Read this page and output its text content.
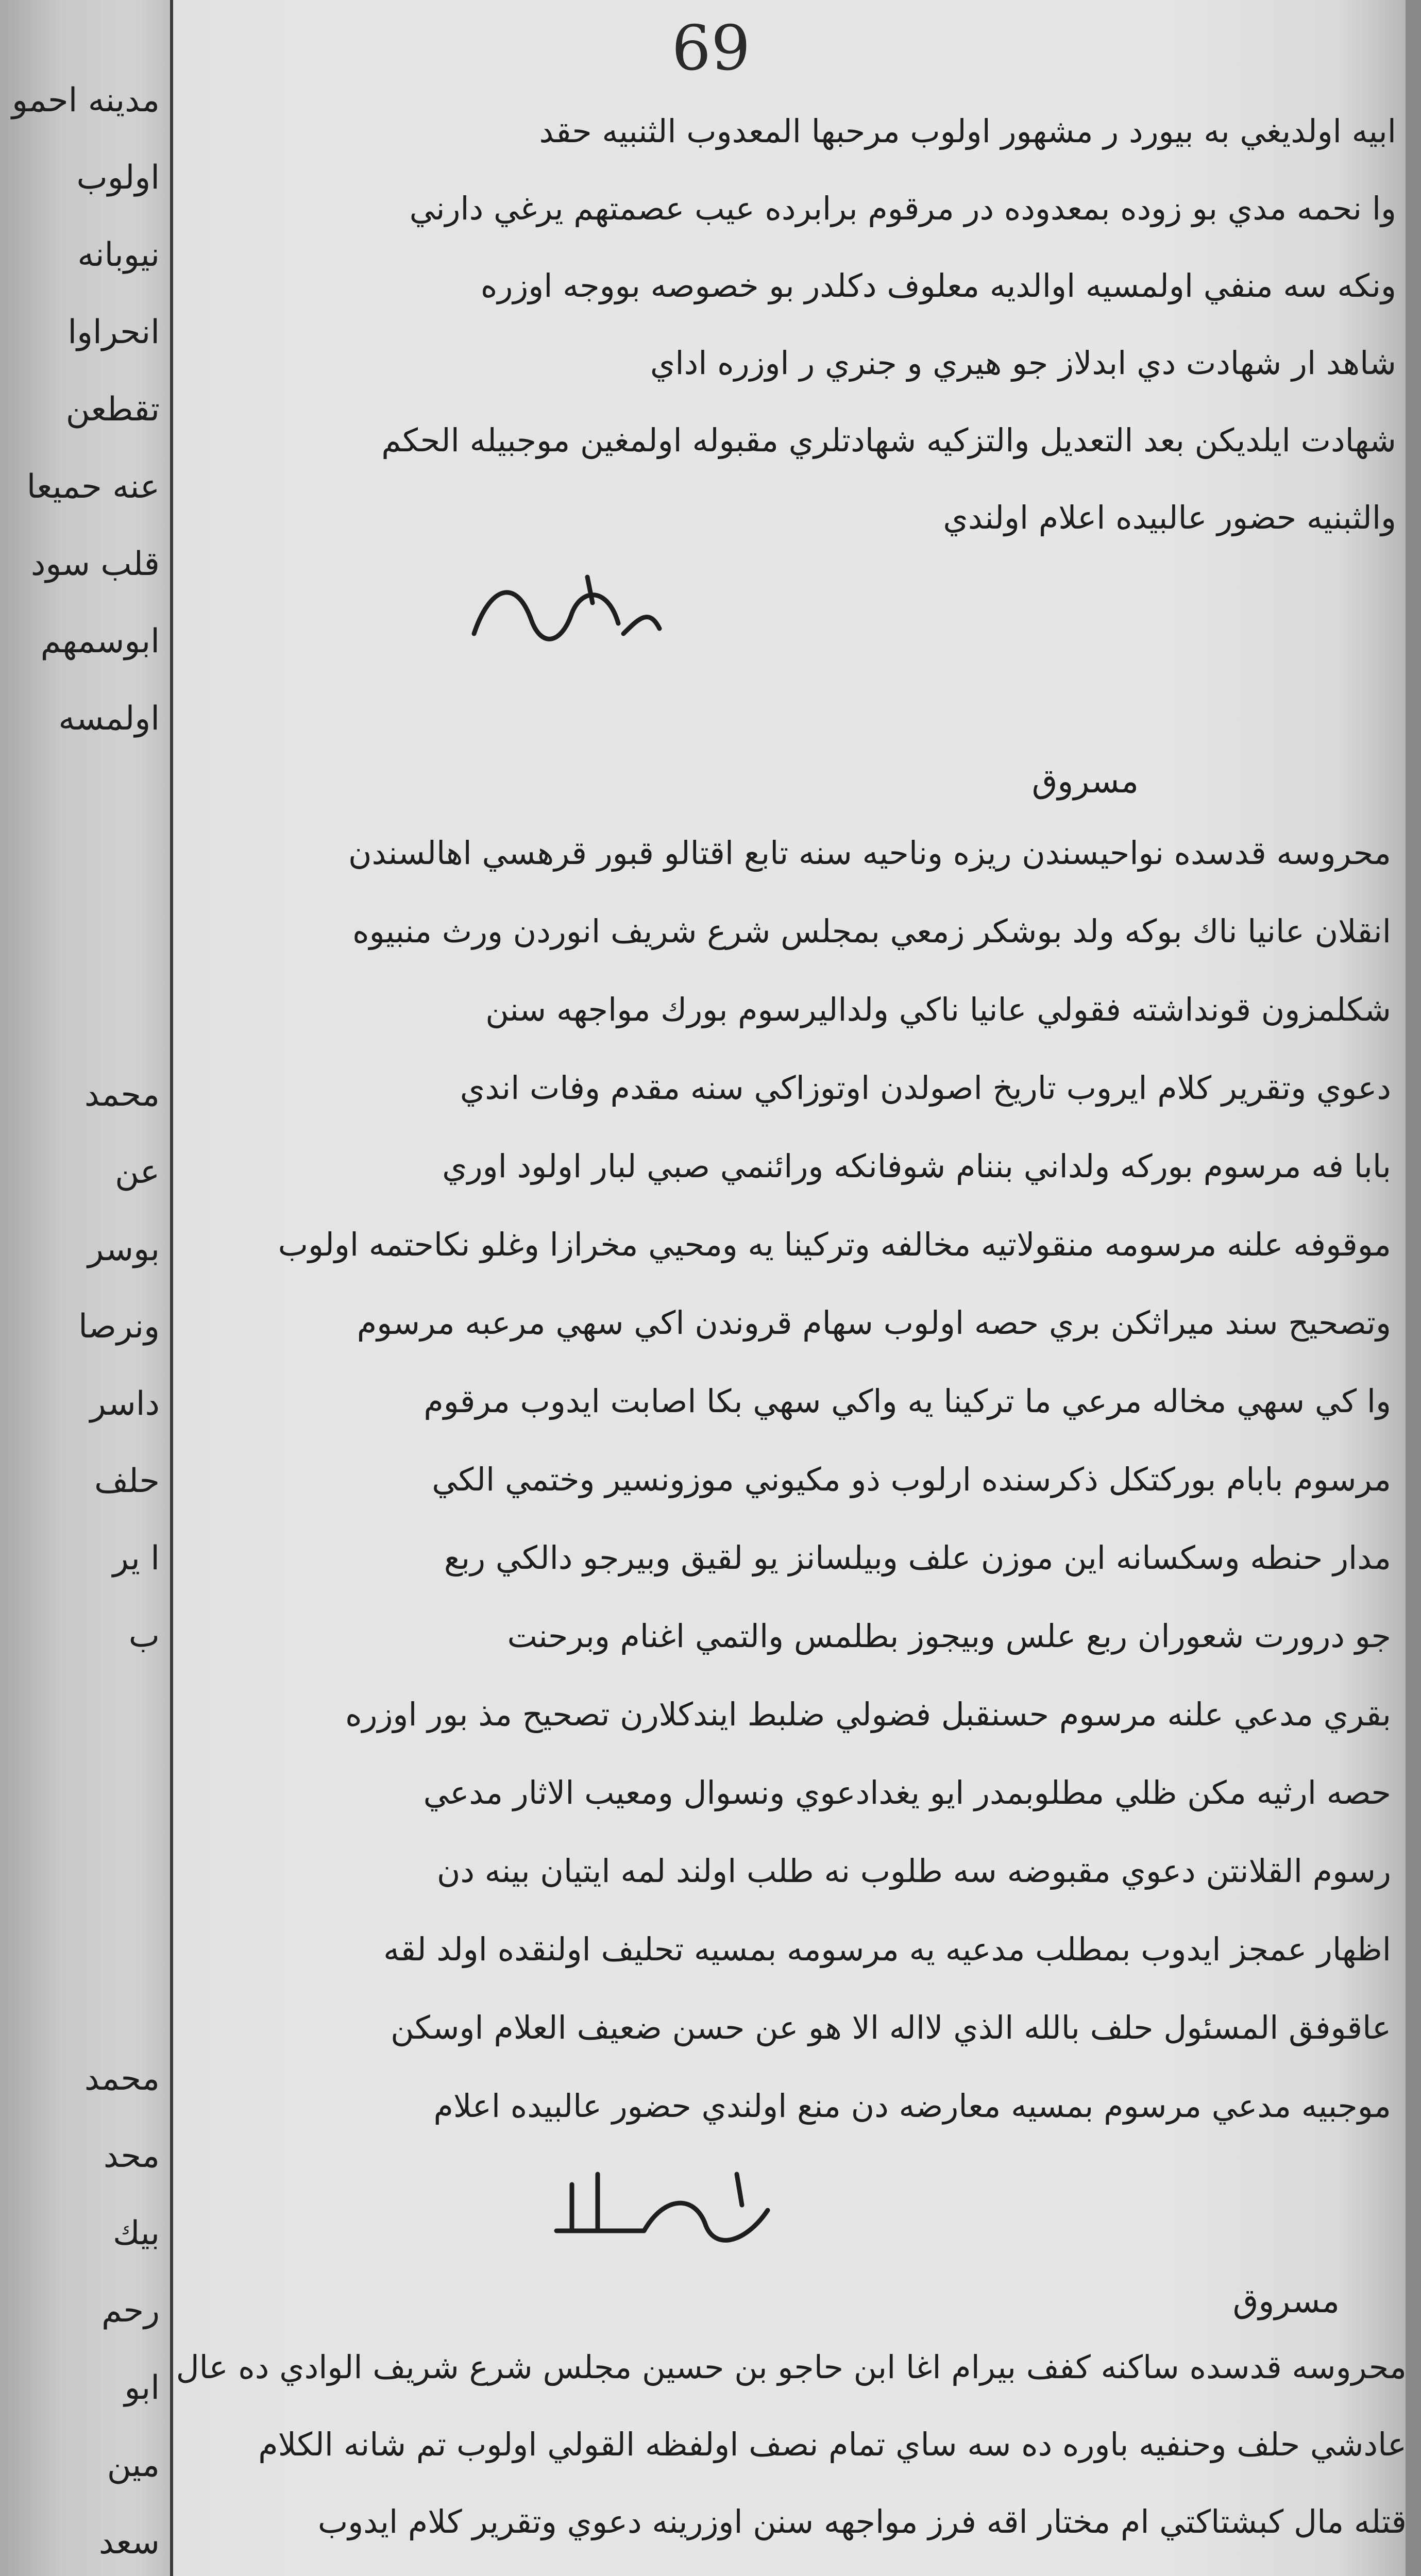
69
مدينه احمو
اولوب
نيوبانه
انحراوا
تقطعن
عنه حميعا
قلب سود
ابوسمهم
اولمسه
محمد
عن
بوسر
ونرصا
داسر
حلف
ا ير
ب
محمد
محد
بيك
رحم
ابو
مين
سعد
ابيه اولديغي به بيورد ر مشهور اولوب مرحبها المعدوب الثنبيه حقد
وا نحمه مدي بو زوده بمعدوده در مرقوم برابرده عيب عصمتهم يرغي دارني
ونكه سه منفي اولمسيه اوالديه معلوف دكلدر بو خصوصه بووجه اوزره
شاهد ار شهادت دي ابدلاز جو هيري و جنري ر اوزره اداي
شهادت ايلديكن بعد التعديل والتزكيه شهادتلري مقبوله اولمغين موجبيله الحكم
والثبنيه حضور عالبيده اعلام اولندي
مسروق
محروسه قدسده نواحيسندن ريزه وناحيه سنه تابع اقتالو قبور قرهسي اهالسندن
انقلان عانيا ناك بوكه ولد بوشكر زمعي بمجلس شرع شريف انوردن ورث منبيوه
شكلمزون قونداشته فقولي عانيا ناكي ولداليرسوم بورك مواجهه سنن
دعوي وتقرير كلام ايروب تاريخ اصولدن اوتوزاكي سنه مقدم وفات اندي
بابا فه مرسوم بوركه ولداني بننام شوفانكه ورائنمي صبي لبار اولود اوري
موقوفه علنه مرسومه منقولاتيه مخالفه وتركينا يه ومحيي مخرازا وغلو نكاحتمه اولوب
وتصحيح سند ميراثكن بري حصه اولوب سهام قروندن اكي سهي مرعبه مرسوم
وا كي سهي مخاله مرعي ما تركينا يه واكي سهي بكا اصابت ايدوب مرقوم
مرسوم بابام بوركتكل ذكرسنده ارلوب ذو مكيوني موزونسير وختمي الكي
مدار حنطه وسكسانه اين موزن علف وبيلسانز يو لقيق وبيرجو دالكي ربع
جو درورت شعوران ربع علس وبيجوز بطلمس والتمي اغنام وبرحنت
بقري مدعي علنه مرسوم حسنقبل فضولي ضلبط ايندكلارن تصحيح مذ بور اوزره
حصه ارثيه مكن ظلي مطلوبمدر ايو يغدادعوي ونسوال ومعيب الاثار مدعي
رسوم القلانتن دعوي مقبوضه سه طلوب نه طلب اولند لمه ايتيان بينه دن
اظهار عمجز ايدوب بمطلب مدعيه يه مرسومه بمسيه تحليف اولنقده اولد لقه
عاقوفق المسئول حلف بالله الذي لااله الا هو عن حسن ضعيف العلام اوسكن
موجبيه مدعي مرسوم بمسيه معارضه دن منع اولندي حضور عالبيده اعلام
مسروق
محروسه قدسده ساكنه كفف بيرام اغا ابن حاجو بن حسين مجلس شرع شريف الوادي ده عال
عادشي حلف وحنفيه باوره ده سه ساي تمام نصف اولفظه القولي اولوب تم شانه الكلام
قتله مال كبشتاكتي ام مختار اقه فرز مواجهه سنن اوزرينه دعوي وتقرير كلام ايدوب
